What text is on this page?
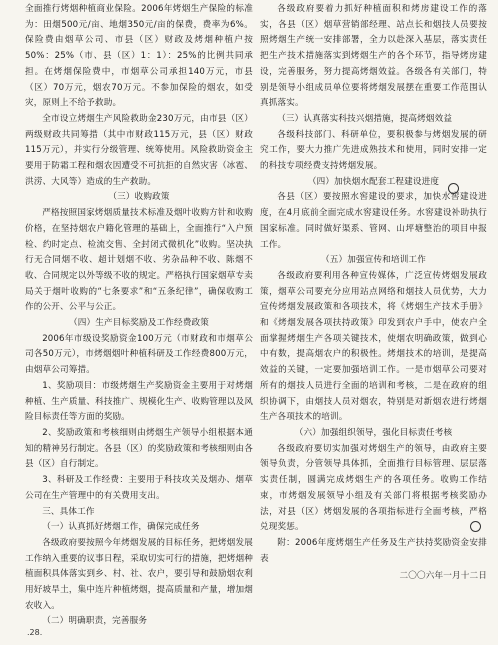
全面推行烤烟种植商业保险。2006年烤烟生产保险的标准为：田烟500元/亩、地烟350元/亩的保费，费率为6%。保险费由烟草公司、市县（区）财政及烤烟种植户按50%：25%（市、县（区）1：1）：25%的比例共同承担。在烤烟保险费中，市烟草公司承担140万元，市县（区）70万元，烟农70万元。不参加保险的烟农，如受灾，原则上不给予救助。

全市设立烤烟生产风险救助金230万元，由市县（区）两级财政共同筹措（其中市财政115万元，县（区）财政115万元），并实行分级管理、统筹使用。风险救助资金主要用于防霜工程和烟农因遭受不可抗拒的自然灾害（冰雹、洪涝、大风等）造成的生产救助。

（三）收购政策

严格按照国家烤烟质量技术标准及烟叶收购方针和收购价格，在坚持烟农户籍化管理的基础上，全面推行“入户预检、约时定点、检流交售、全封闭式微机化”收购。坚决执行无合同烟不收、超计划烟不收、劣杂品种不收、陈烟不收、合同规定以外等级不收的规定。严格执行国家烟草专卖局关于烟叶收购的“七条要求”和“五条纪律”，确保收购工作的公开、公平与公正。

（四）生产目标奖励及工作经费政策

2006年市级设奖励资金100万元（市财政和市烟草公司各50万元），市烤烟烟叶种植科研及工作经费800万元，由烟草公司筹措。

1、奖励项目：市级烤烟生产奖励资金主要用于对烤烟种植、生产质量、科技推广、规模化生产、收购管理以及风险目标责任等方面的奖励。

2、奖励政策和考核细则由烤烟生产领导小组根据本通知的精神另行制定。各县（区）的奖励政策和考核细则由各县（区）自行制定。

3、科研及工作经费：主要用于科技攻关及烟办、烟草公司在生产管理中的有关费用支出。

三、具体工作

（一）认真抓好烤烟工作，确保完成任务

各级政府要按照今年烤烟发展的目标任务，把烤烟发展工作纳入重要的议事日程，采取切实可行的措施，把烤烟种植面积具体落实到乡、村、社、农户，要引导和鼓励烟农利用好坡旱土，集中连片种植烤烟，提高质量和产量，增加烟农收入。

（二）明确职责，完善服务

各级政府要着力抓好种植面积和烤房建设工作的落实，各县（区）烟草营销部经理、站点长和烟技人员要按照烤烟生产统一安排部署，全力以赴深入基层，落实责任把生产技术措施落实到烤烟生产的各个环节，指导烤房建设，完善服务，努力提高烤烟效益。各级各有关部门，特别是领导小组成员单位要将烤烟发展摆在重要工作范围认真抓落实。

（三）认真落实科技兴烟措施，提高烤烟效益

各级科技部门、科研单位，要积极参与烤烟发展的研究工作，要大力推广先进成熟技术和使用，同时安排一定的科技专项经费支持烤烟发展。

（四）加快烟水配套工程建设进度

各县（区）要按照水窖建设的要求，加快水窖建设进度，在4月底前全面完成水窖建设任务。水窖建设补助执行国家标准。同时做好渠系、管网、山坪塘整治的项目申报工作。

（五）加强宣传和培训工作

各级政府要利用各种宣传媒体，广泛宣传烤烟发展政策，烟草公司要充分应用站点网络和烟技人员优势，大力宣传烤烟发展政策和各项技术，将《烤烟生产技术手册》和《烤烟发展各项扶持政策》印发到农户手中，使农户全面掌握烤烟生产各项关键技术，使烟农明确政策，做到心中有数，提高烟农户的积极性。烤烟技术的培训，是提高效益的关键，一定要加强培训工作。一是市烟草公司要对所有的烟技人员进行全面的培训和考核，二是在政府的组织协调下，由烟技人员对烟农，特别是对新烟农进行烤烟生产各项技术的培训。

（六）加强组织领导，强化目标责任考核

各级政府要切实加强对烤烟生产的领导，由政府主要领导负责，分管领导具体抓，全面推行目标管理、层层落实责任制，圆满完成烤烟生产的各项任务。收购工作结束，市烤烟发展领导小组及有关部门将根据考核奖励办法，对县（区）烤烟发展的各项指标进行全面考核，严格兑现奖惩。

附：2006年度烤烟生产任务及生产扶持奖励资金安排表

二〇〇六年一月十二日

.28.
